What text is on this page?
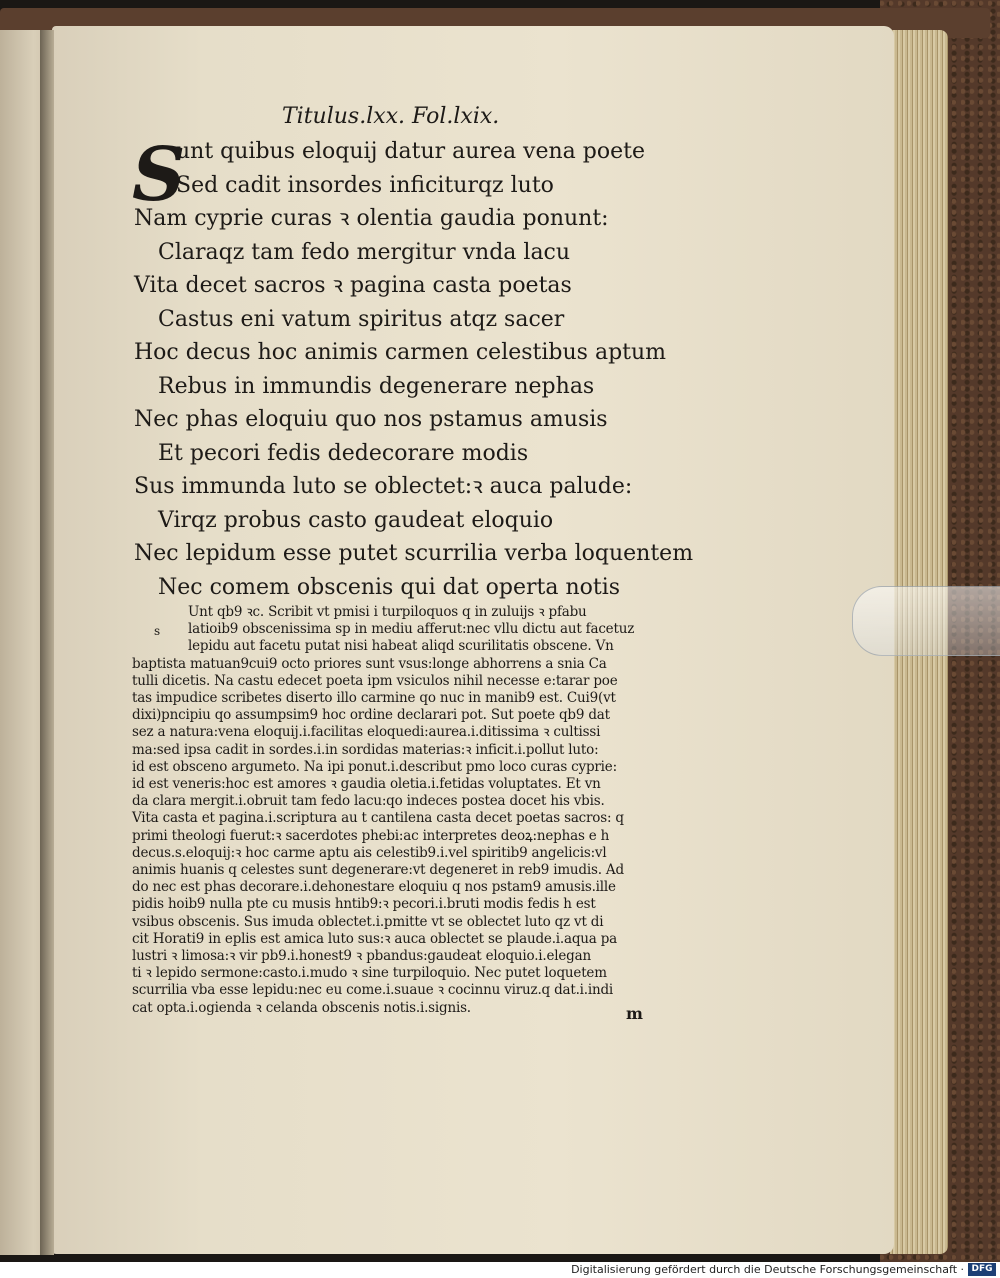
Titulus.lxx. Fol.lxix.
S
unt quibus eloquij datur aurea vena poete
Sed cadit insordes inficiturqz luto
Nam cyprie curas ꝛ olentia gaudia ponunt:
Claraqz tam fedo mergitur vnda lacu
Vita decet sacros ꝛ pagina casta poetas
Castus eni vatum spiritus atqz sacer
Hoc decus hoc animis carmen celestibus aptum
Rebus in immundis degenerare nephas
Nec phas eloquiu quo nos pstamus amusis
Et pecori fedis dedecorare modis
Sus immunda luto se oblectet:ꝛ auca palude:
Virqz probus casto gaudeat eloquio
Nec lepidum esse putet scurrilia verba loquentem
Nec comem obscenis qui dat operta notis
s
Unt qb9 ꝛc. Scribit vt pmisi i turpiloquos q in zuluijs ꝛ pfabu
latioib9 obscenissima sp in mediu afferut:nec vllu dictu aut facetuz
lepidu aut facetu putat nisi habeat aliqd scurilitatis obscene. Vn
baptista matuan9cui9 octo priores sunt vsus:longe abhorrens a snia Ca
tulli dicetis. Na castu edecet poeta ipm vsiculos nihil necesse e:tarar poe
tas impudice scribetes diserto illo carmine qo nuc in manib9 est. Cui9(vt
dixi)pncipiu qo assumpsim9 hoc ordine declarari pot. Sut poete qb9 dat
sez a natura:vena eloquij.i.facilitas eloquedi:aurea.i.ditissima ꝛ cultissi
ma:sed ipsa cadit in sordes.i.in sordidas materias:ꝛ inficit.i.pollut luto:
id est obsceno argumeto. Na ipi ponut.i.describut pmo loco curas cyprie:
id est veneris:hoc est amores ꝛ gaudia oletia.i.fetidas voluptates. Et vn
da clara mergit.i.obruit tam fedo lacu:qo indeces postea docet his vbis.
Vita casta et pagina.i.scriptura au t cantilena casta decet poetas sacros: q
primi theologi fuerut:ꝛ sacerdotes phebi:ac interpretes deoꝝ:nephas e h
decus.s.eloquij:ꝛ hoc carme aptu ais celestib9.i.vel spiritib9 angelicis:vl
animis huanis q celestes sunt degenerare:vt degeneret in reb9 imudis. Ad
do nec est phas decorare.i.dehonestare eloquiu q nos pstam9 amusis.ille
pidis hoib9 nulla pte cu musis hntib9:ꝛ pecori.i.bruti modis fedis h est
vsibus obscenis. Sus imuda oblectet.i.pmitte vt se oblectet luto qz vt di
cit Horati9 in eplis est amica luto sus:ꝛ auca oblectet se plaude.i.aqua pa
lustri ꝛ limosa:ꝛ vir pb9.i.honest9 ꝛ pbandus:gaudeat eloquio.i.elegan
ti ꝛ lepido sermone:casto.i.mudo ꝛ sine turpiloquio. Nec putet loquetem
scurrilia vba esse lepidu:nec eu come.i.suaue ꝛ cocinnu viruz.q dat.i.indi
cat opta.i.ogienda ꝛ celanda obscenis notis.i.signis.	m
Digitalisierung gefördert durch die Deutsche Forschungsgemeinschaft · DFG
